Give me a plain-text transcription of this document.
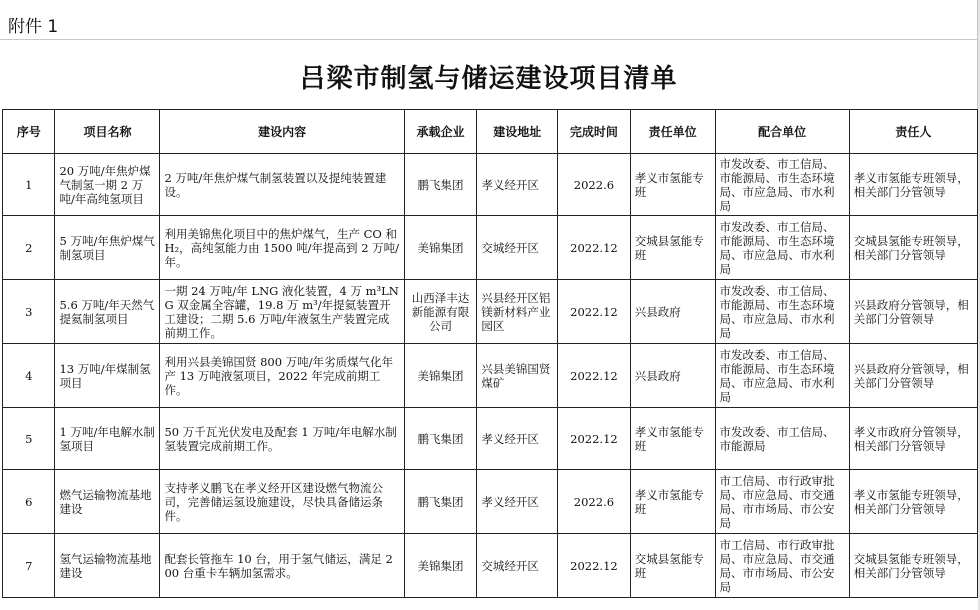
附件 1
吕梁市制氢与储运建设项目清单
序号	项目名称	建设内容	承载企业	建设地址	完成时间	责任单位	配合单位	责任人
1	20 万吨/年焦炉煤气制氢一期 2 万吨/年高纯氢项目	2 万吨/年焦炉煤气制氢装置以及提纯装置建设。	鹏飞集团	孝义经开区	2022.6	孝义市氢能专班	市发改委、市工信局、市能源局、市生态环境局、市应急局、市水利局	孝义市氢能专班领导，相关部门分管领导
2	5 万吨/年焦炉煤气制氢项目	利用美锦焦化项目中的焦炉煤气，生产 CO 和 H₂，高纯氢能力由 1500 吨/年提高到 2 万吨/年。	美锦集团	交城经开区	2022.12	交城县氢能专班	市发改委、市工信局、市能源局、市生态环境局、市应急局、市水利局	交城县氢能专班领导，相关部门分管领导
3	5.6 万吨/年天然气提氦制氢项目	一期 24 万吨/年 LNG 液化装置，4 万 m³LNG 双金属全容罐，19.8 万 m³/年提氦装置开工建设；二期 5.6 万吨/年液氢生产装置完成前期工作。	山西泽丰达新能源有限公司	兴县经开区铝镁新材料产业园区	2022.12	兴县政府	市发改委、市工信局、市能源局、市生态环境局、市应急局、市水利局	兴县政府分管领导，相关部门分管领导
4	13 万吨/年煤制氢项目	利用兴县美锦国贤 800 万吨/年劣质煤气化年产 13 万吨液氢项目，2022 年完成前期工作。	美锦集团	兴县美锦国贤煤矿	2022.12	兴县政府	市发改委、市工信局、市能源局、市生态环境局、市应急局、市水利局	兴县政府分管领导，相关部门分管领导
5	1 万吨/年电解水制氢项目	50 万千瓦光伏发电及配套 1 万吨/年电解水制氢装置完成前期工作。	鹏飞集团	孝义经开区	2022.12	孝义市氢能专班	市发改委、市工信局、市能源局	孝义市政府分管领导，相关部门分管领导
6	燃气运输物流基地建设	支持孝义鹏飞在孝义经开区建设燃气物流公司，完善储运氢设施建设，尽快具备储运条件。	鹏飞集团	孝义经开区	2022.6	孝义市氢能专班	市工信局、市行政审批局、市应急局、市交通局、市市场局、市公安局	孝义市氢能专班领导，相关部门分管领导
7	氢气运输物流基地建设	配套长管拖车 10 台，用于氢气储运，满足 200 台重卡车辆加氢需求。	美锦集团	交城经开区	2022.12	交城县氢能专班	市工信局、市行政审批局、市应急局、市交通局、市市场局、市公安局	交城县氢能专班领导，相关部门分管领导
